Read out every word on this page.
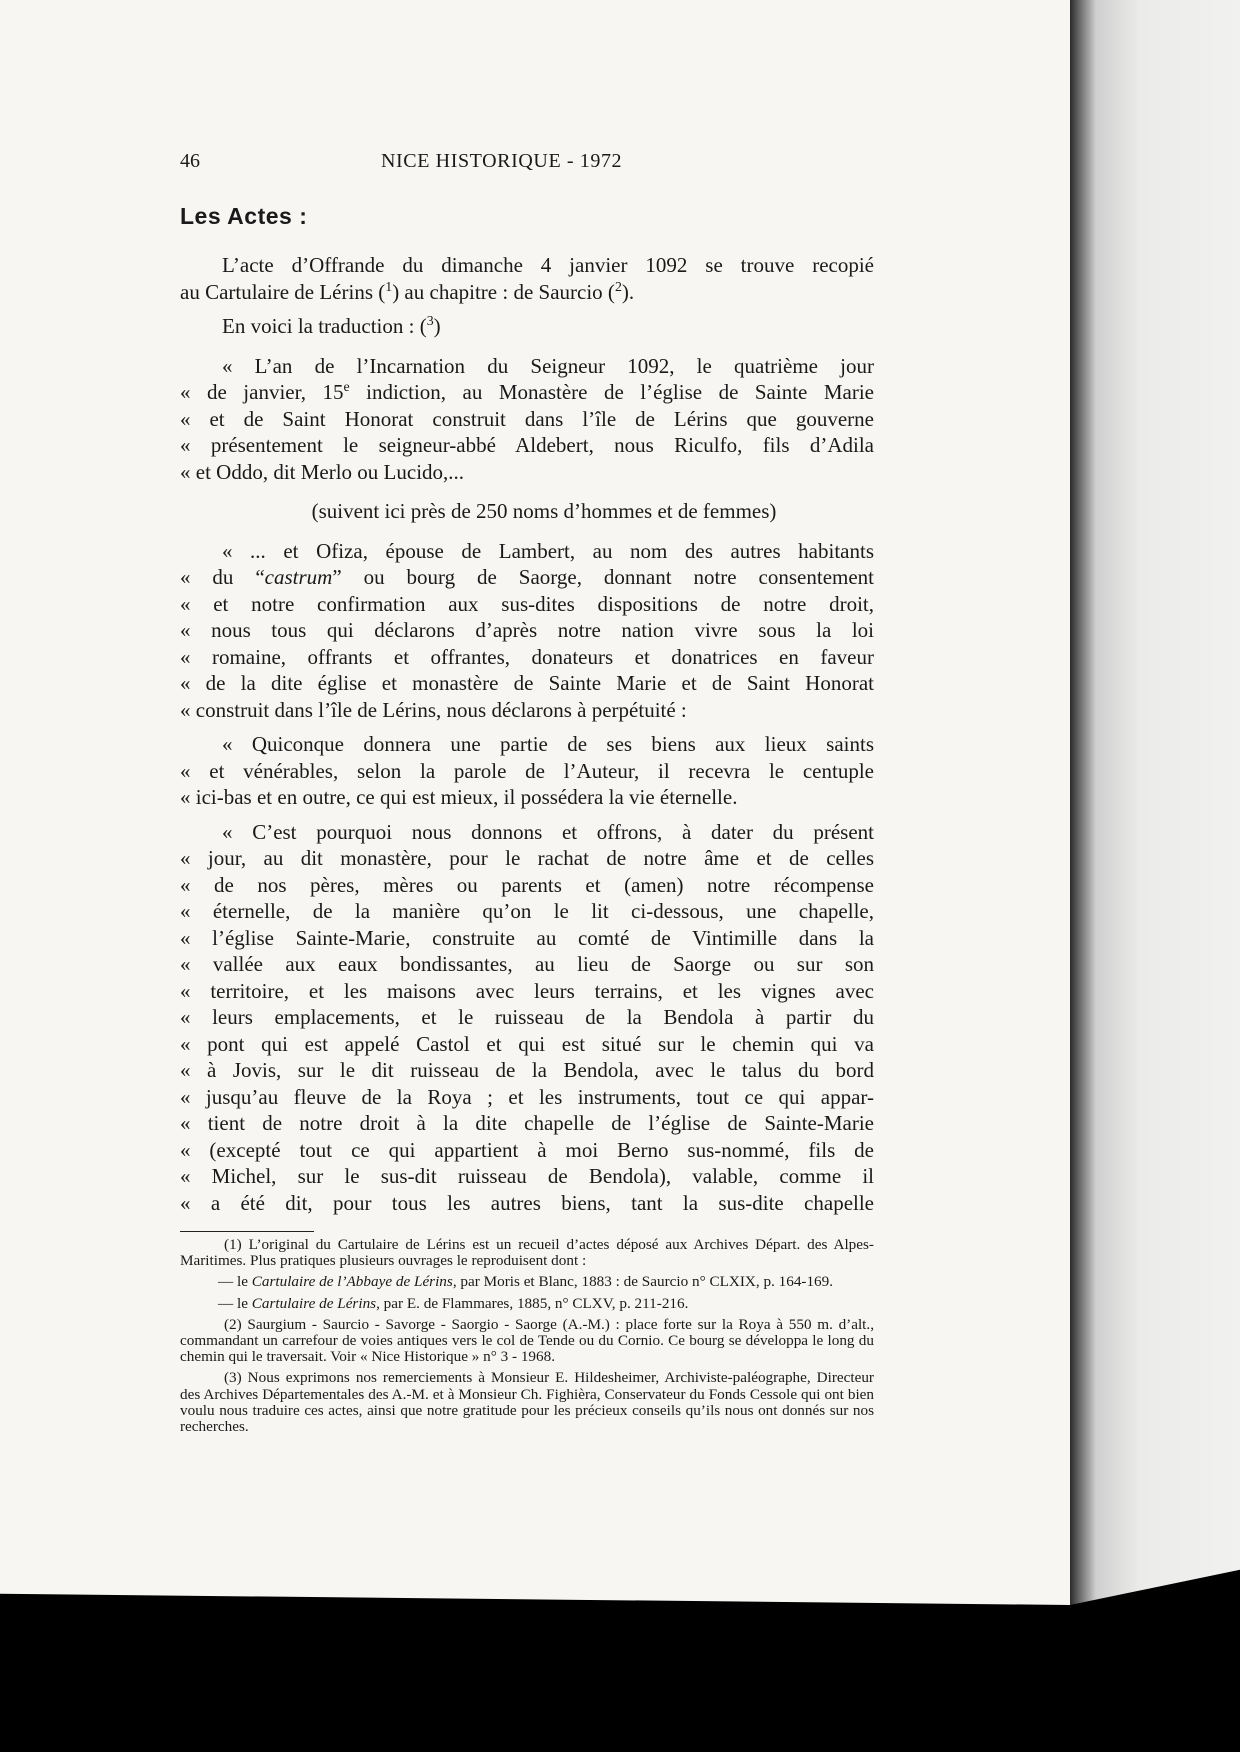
46	NICE HISTORIQUE - 1972
Les Actes :

L’acte d’Offrande du dimanche 4 janvier 1092 se trouve recopié

au Cartulaire de Lérins ($^1$) au chapitre : de Saurcio ($^2$).

En voici la traduction : ($^3$)

« L’an de l’Incarnation du Seigneur 1092, le quatrième jour

« de janvier, 15e indiction, au Monastère de l’église de Sainte Marie

« et de Saint Honorat construit dans l’île de Lérins que gouverne

« présentement le seigneur-abbé Aldebert, nous Riculfo, fils d’Adila

« et Oddo, dit Merlo ou Lucido,...

(suivent ici près de 250 noms d’hommes et de femmes)

« ... et Ofiza, épouse de Lambert, au nom des autres habitants

« du “castrum” ou bourg de Saorge, donnant notre consentement

« et notre confirmation aux sus-dites dispositions de notre droit,

« nous tous qui déclarons d’après notre nation vivre sous la loi

« romaine, offrants et offrantes, donateurs et donatrices en faveur

« de la dite église et monastère de Sainte Marie et de Saint Honorat

« construit dans l’île de Lérins, nous déclarons à perpétuité :

« Quiconque donnera une partie de ses biens aux lieux saints

« et vénérables, selon la parole de l’Auteur, il recevra le centuple

« ici-bas et en outre, ce qui est mieux, il possédera la vie éternelle.

« C’est pourquoi nous donnons et offrons, à dater du présent

« jour, au dit monastère, pour le rachat de notre âme et de celles

« de nos pères, mères ou parents et (amen) notre récompense

« éternelle, de la manière qu’on le lit ci-dessous, une chapelle,

« l’église Sainte-Marie, construite au comté de Vintimille dans la

« vallée aux eaux bondissantes, au lieu de Saorge ou sur son

« territoire, et les maisons avec leurs terrains, et les vignes avec

« leurs emplacements, et le ruisseau de la Bendola à partir du

« pont qui est appelé Castol et qui est situé sur le chemin qui va

« à Jovis, sur le dit ruisseau de la Bendola, avec le talus du bord

« jusqu’au fleuve de la Roya ; et les instruments, tout ce qui appar-

« tient de notre droit à la dite chapelle de l’église de Sainte-Marie

« (excepté tout ce qui appartient à moi Berno sus-nommé, fils de

« Michel, sur le sus-dit ruisseau de Bendola), valable, comme il

« a été dit, pour tous les autres biens, tant la sus-dite chapelle

(1) L’original du Cartulaire de Lérins est un recueil d’actes déposé aux Archives Départ. des Alpes-Maritimes. Plus pratiques plusieurs ouvrages le reproduisent dont :

— le Cartulaire de l’Abbaye de Lérins, par Moris et Blanc, 1883 : de Saurcio n° CLXIX, p. 164-169.

— le Cartulaire de Lérins, par E. de Flammares, 1885, n° CLXV, p. 211-216.

(2) Saurgium - Saurcio - Savorge - Saorgio - Saorge (A.-M.) : place forte sur la Roya à 550 m. d’alt., commandant un carrefour de voies antiques vers le col de Tende ou du Cornio. Ce bourg se développa le long du chemin qui le traversait. Voir « Nice Historique » n° 3 - 1968.

(3) Nous exprimons nos remerciements à Monsieur E. Hildesheimer, Archiviste-paléographe, Directeur des Archives Départementales des A.-M. et à Monsieur Ch. Fighièra, Conservateur du Fonds Cessole qui ont bien voulu nous traduire ces actes, ainsi que notre gratitude pour les précieux conseils qu’ils nous ont donnés sur nos recherches.
